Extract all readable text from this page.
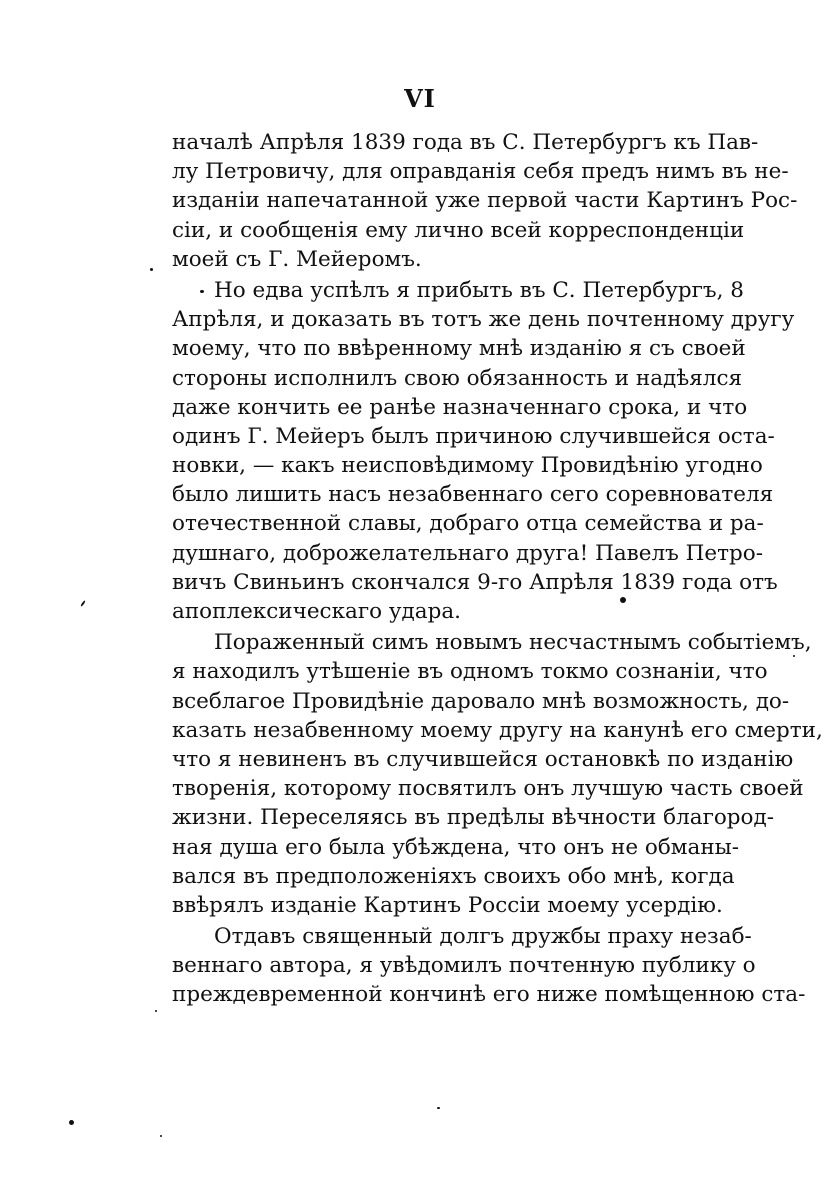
VI
началѣ Апрѣля 1839 года въ С. Петербургъ къ Пав-
лу Петровичу, для оправданія себя предъ нимъ въ не-
изданіи напечатанной уже первой части Картинъ Рос-
сіи, и сообщенія ему лично всей корреспонденціи
моей съ Г. Мейеромъ.
Но едва успѣлъ я прибыть въ С. Петербургъ, 8
Апрѣля, и доказать въ тотъ же день почтенному другу
моему, что по ввѣренному мнѣ изданію я съ своей
стороны исполнилъ свою обязанность и надѣялся
даже кончить ее ранѣе назначеннаго срока, и что
одинъ Г. Мейеръ былъ причиною случившейся оста-
новки, — какъ неисповѣдимому Провидѣнію угодно
было лишить насъ незабвеннаго сего соревнователя
отечественной славы, добраго отца семейства и ра-
душнаго, доброжелательнаго друга! Павелъ Петро-
вичъ Свиньинъ скончался 9-го Апрѣля 1839 года отъ
апоплексическаго удара.
Пораженный симъ новымъ несчастнымъ событіемъ,
я находилъ утѣшеніе въ одномъ токмо сознаніи, что
всеблагое Провидѣніе даровало мнѣ возможность, до-
казать незабвенному моему другу на канунѣ его смерти,
что я невиненъ въ случившейся остановкѣ по изданію
творенія, которому посвятилъ онъ лучшую часть своей
жизни. Переселяясь въ предѣлы вѣчности благород-
ная душа его была убѣждена, что онъ не обманы-
вался въ предположеніяхъ своихъ обо мнѣ, когда
ввѣрялъ изданіе Картинъ Россіи моему усердію.
Отдавъ священный долгъ дружбы праху незаб-
веннаго автора, я увѣдомилъ почтенную публику о
преждевременной кончинѣ его ниже помѣщенною ста-
